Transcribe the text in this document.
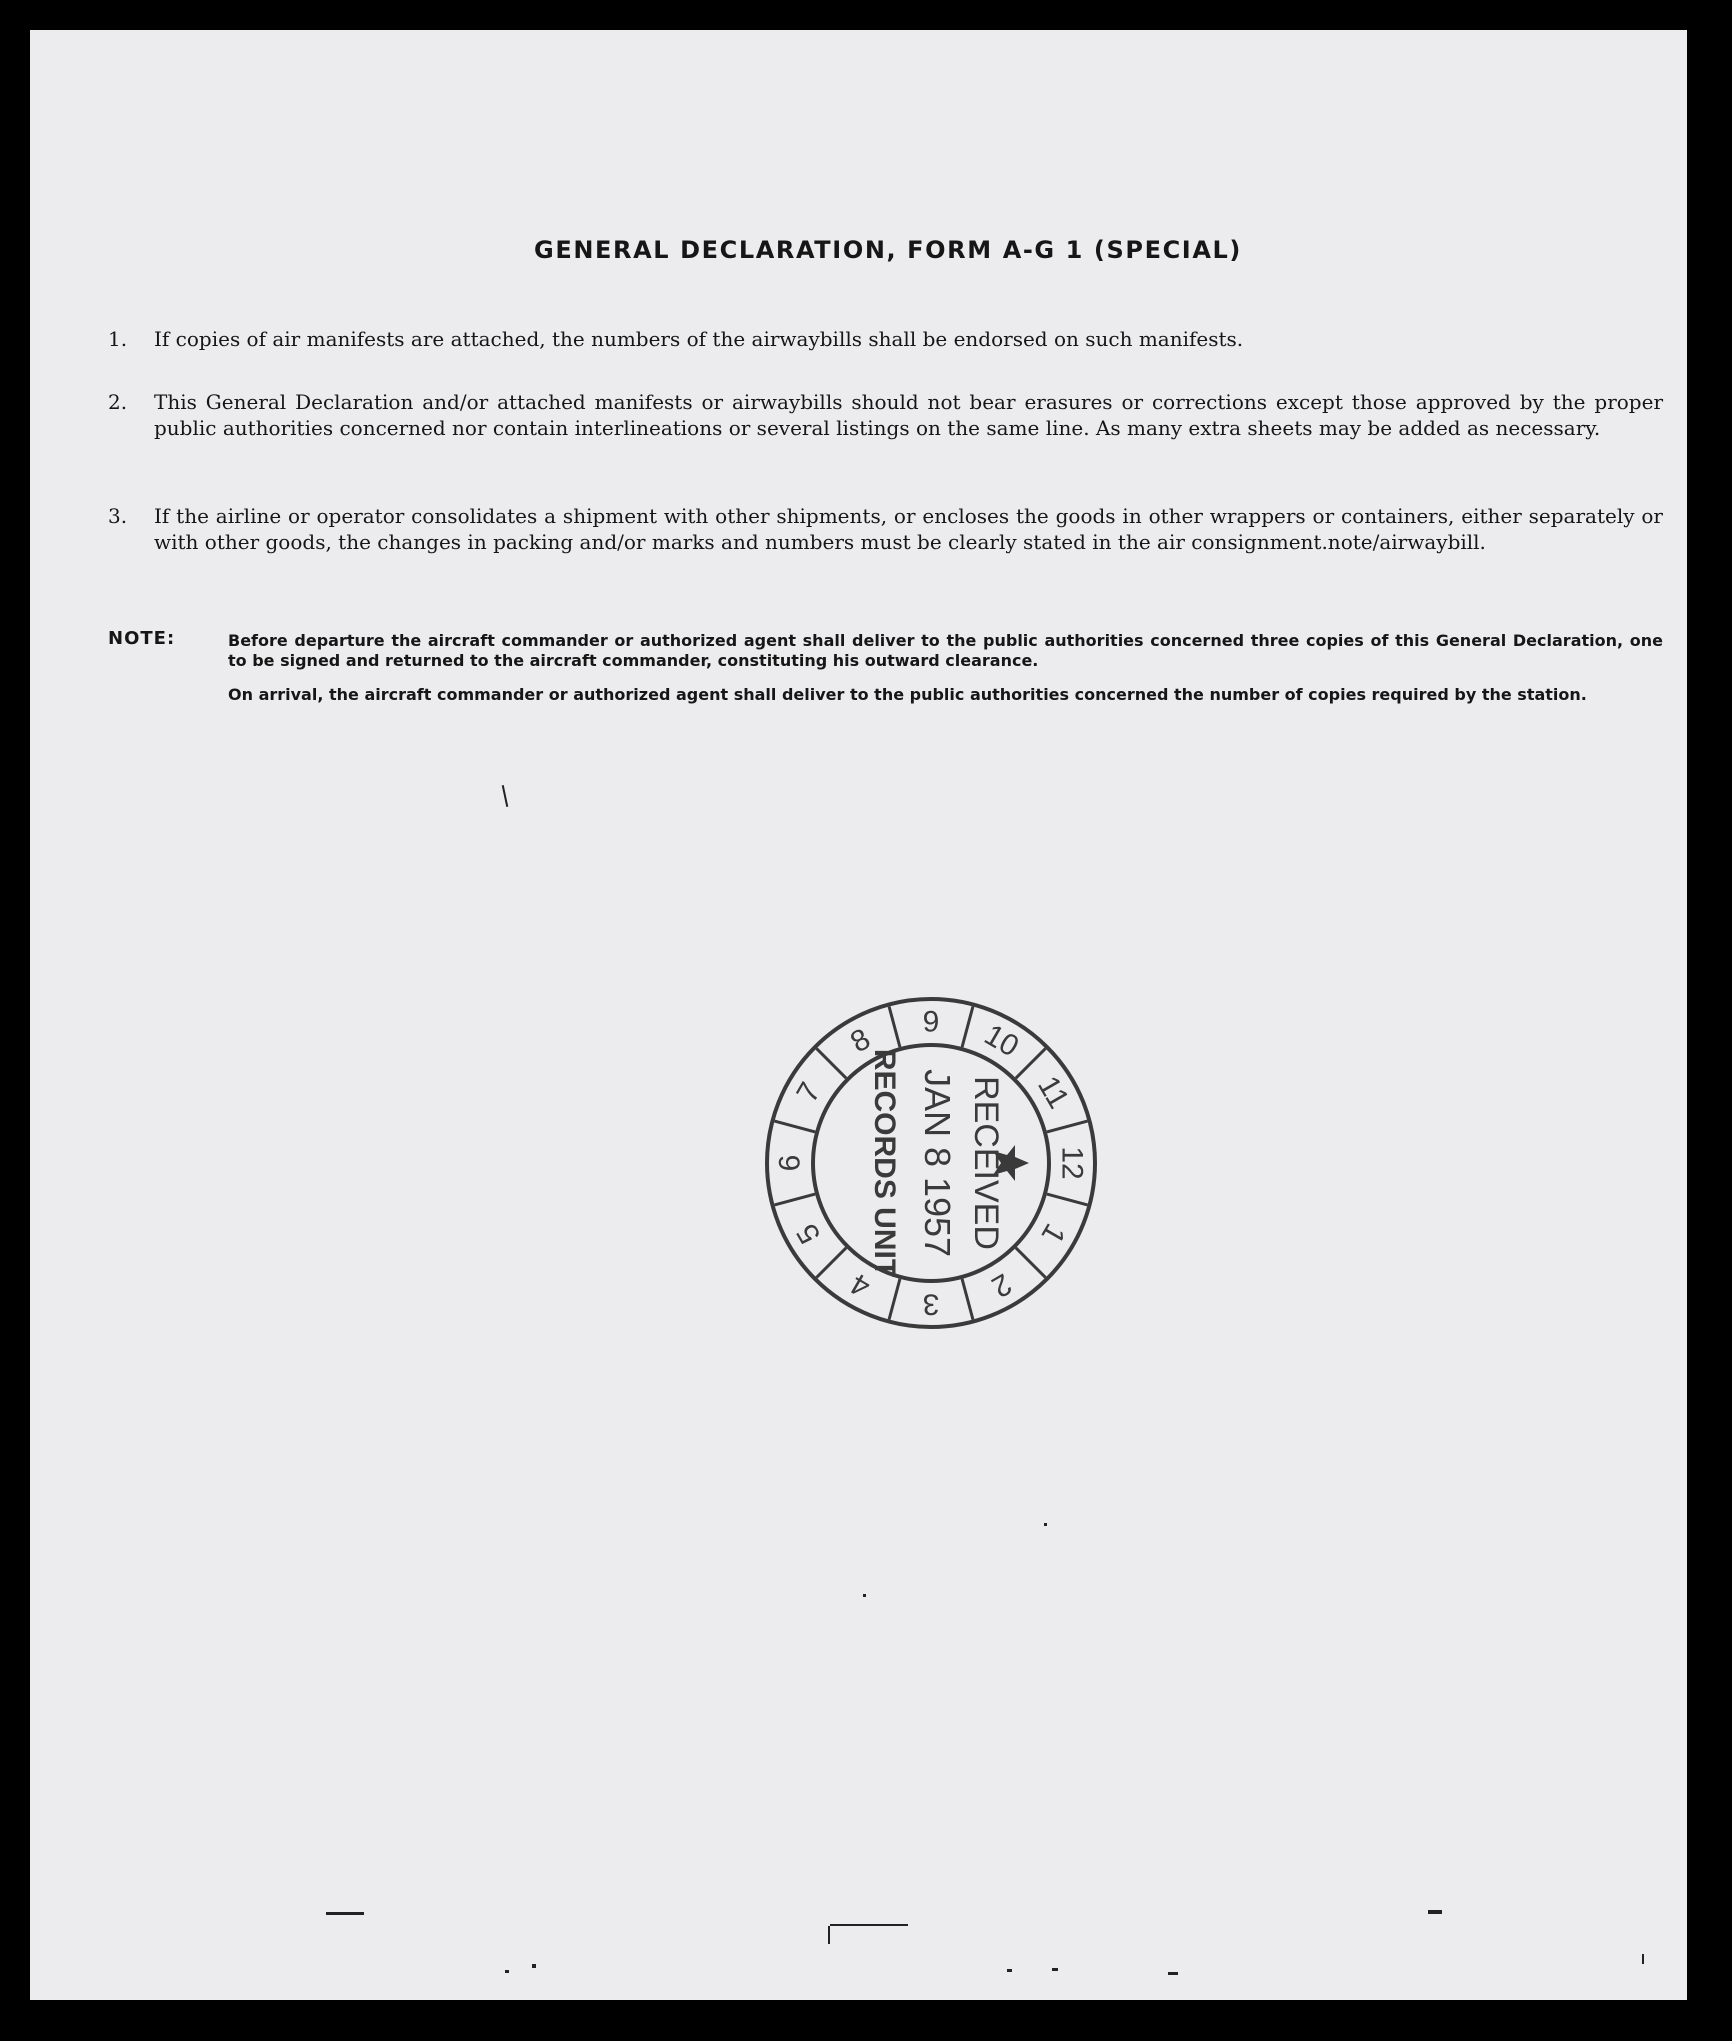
GENERAL DECLARATION, FORM A-G 1 (SPECIAL)
1. If copies of air manifests are attached, the numbers of the airwaybills shall be endorsed on such manifests.
2. This General Declaration and/or attached manifests or airwaybills should not bear erasures or corrections except those approved by the proper public authorities concerned nor contain interlineations or several listings on the same line. As many extra sheets may be added as necessary.
3. If the airline or operator consolidates a shipment with other shipments, or encloses the goods in other wrappers or containers, either separately or with other goods, the changes in packing and/or marks and numbers must be clearly stated in the air consignment.note/airwaybill.
NOTE:	Before departure the aircraft commander or authorized agent shall deliver to the public authorities concerned three copies of this General Declaration, one to be signed and returned to the aircraft commander, constituting his outward clearance.
On arrival, the aircraft commander or authorized agent shall deliver to the public authorities concerned the number of copies required by the station.
12
1
2
3
4
5
6
7
8
9 10
11
RECEIVED
JAN 8 1957
RECORDS UNIT
